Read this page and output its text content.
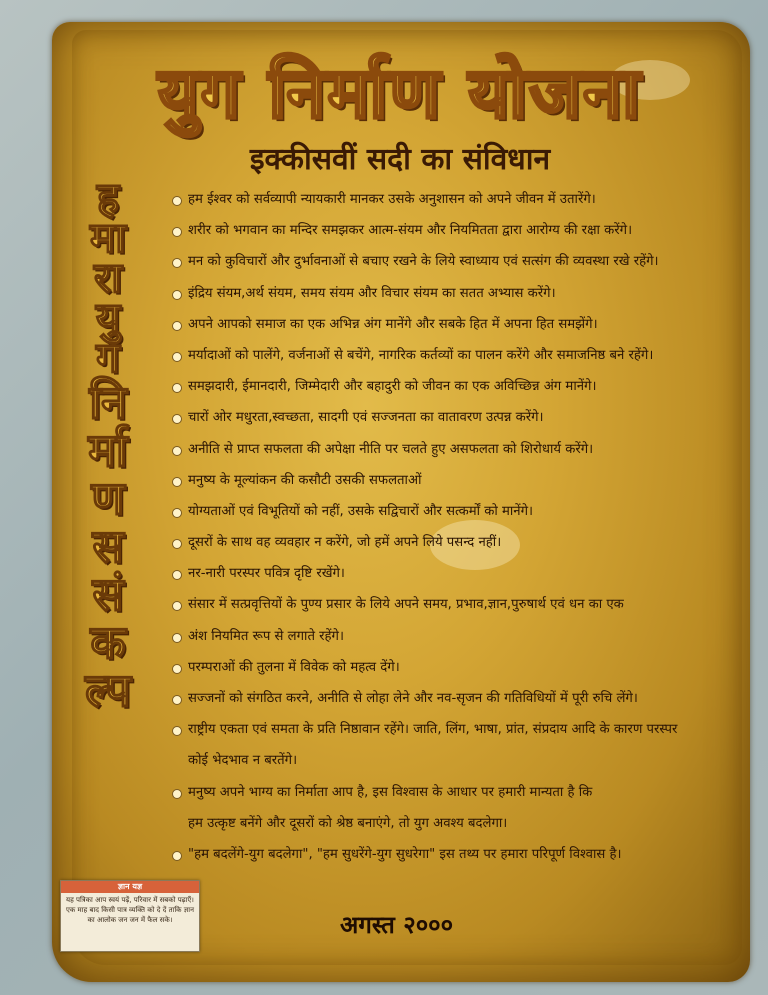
युग निर्माण योजना
इक्कीसवीं सदी का संविधान
ह
मा
रा
यु
ग
नि
र्मा
ण
स
सं
क
ल्प
हम ईश्वर को सर्वव्यापी न्यायकारी मानकर उसके अनुशासन को अपने जीवन में उतारेंगे।
शरीर को भगवान का मन्दिर समझकर आत्म-संयम और नियमितता द्वारा आरोग्य की रक्षा करेंगे।
मन को कुविचारों और दुर्भावनाओं से बचाए रखने के लिये स्वाध्याय एवं सत्संग की व्यवस्था रखे रहेंगे।
इंद्रिय संयम,अर्थ संयम, समय संयम और विचार संयम का सतत अभ्यास करेंगे।
अपने आपको समाज का एक अभिन्न अंग मानेंगे और सबके हित में अपना हित समझेंगे।
मर्यादाओं को पालेंगे, वर्जनाओं से बचेंगे, नागरिक कर्तव्यों का पालन करेंगे और समाजनिष्ठ बने रहेंगे।
समझदारी, ईमानदारी, जिम्मेदारी और बहादुरी को जीवन का एक अविच्छिन्न अंग मानेंगे।
चारों ओर मधुरता,स्वच्छता, सादगी एवं सज्जनता का वातावरण उत्पन्न करेंगे।
अनीति से प्राप्त सफलता की अपेक्षा नीति पर चलते हुए असफलता को शिरोधार्य करेंगे।
मनुष्य के मूल्यांकन की कसौटी उसकी सफलताओं
योग्यताओं एवं विभूतियों को नहीं, उसके सद्विचारों और सत्कर्मों को मानेंगे।
दूसरों के साथ वह व्यवहार न करेंगे, जो हमें अपने लिये पसन्द नहीं।
नर-नारी परस्पर पवित्र दृष्टि रखेंगे।
संसार में सत्प्रवृत्तियों के पुण्य प्रसार के लिये अपने समय, प्रभाव,ज्ञान,पुरुषार्थ एवं धन का एक
अंश नियमित रूप से लगाते रहेंगे।
परम्पराओं की तुलना में विवेक को महत्व देंगे।
सज्जनों को संगठित करने, अनीति से लोहा लेने और नव-सृजन की गतिविधियों में पूरी रुचि लेंगे।
राष्ट्रीय एकता एवं समता के प्रति निष्ठावान रहेंगे। जाति, लिंग, भाषा, प्रांत, संप्रदाय आदि के कारण परस्पर
कोई भेदभाव न बरतेंगे।
मनुष्य अपने भाग्य का निर्माता आप है, इस विश्वास के आधार पर हमारी मान्यता है कि
हम उत्कृष्ट बनेंगे और दूसरों को श्रेष्ठ बनाएंगे, तो युग अवश्य बदलेगा।
"हम बदलेंगे-युग बदलेगा", "हम सुधरेंगे-युग सुधरेगा" इस तथ्य पर हमारा परिपूर्ण विश्वास है।
अगस्त २०००
ज्ञान यज्ञ
यह पत्रिका आप स्वयं पढ़ें, परिवार में सबको पढ़ाएँ। एक माह बाद किसी पात्र व्यक्ति को दे दें ताकि ज्ञान का आलोक जन जन में फैल सके।
